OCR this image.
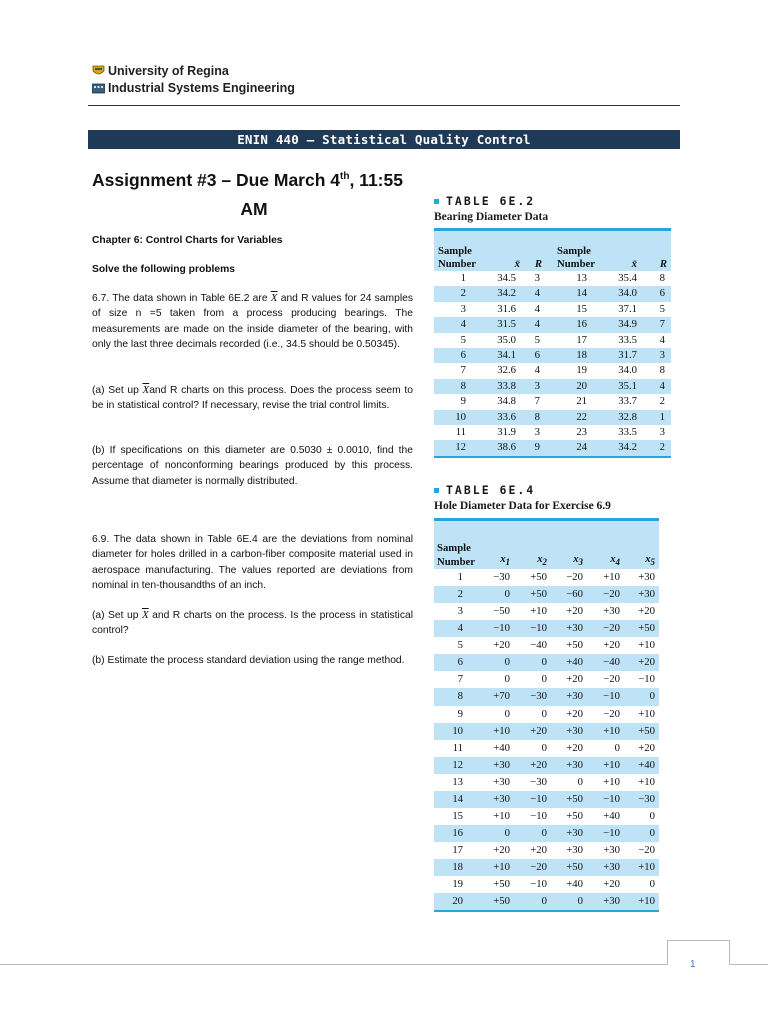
University of Regina
Industrial Systems Engineering
ENIN 440 – Statistical Quality Control
Assignment #3 – Due March 4th, 11:55
AM
Chapter 6: Control Charts for Variables
Solve the following problems
6.7. The data shown in Table 6E.2 are $\overline{X}$ and R values for 24 samples of size n =5 taken from a process producing bearings. The measurements are made on the inside diameter of the bearing, with only the last three decimals recorded (i.e., 34.5 should be 0.50345).
(a) Set up $\overline{X}and$ R charts on this process. Does the process seem to be in statistical control? If necessary, revise the trial control limits.
(b) If specifications on this diameter are 0.5030 ± 0.0010, find the percentage of nonconforming bearings produced by this process. Assume that diameter is normally distributed.
6.9. The data shown in Table 6E.4 are the deviations from nominal diameter for holes drilled in a carbon-fiber composite material used in aerospace manufacturing. The values reported are deviations from nominal in ten-thousandths of an inch.
(a) Set up $\overline{X}$ and R charts on the process. Is the process in statistical control?
(b) Estimate the process standard deviation using the range method.
TABLE 6E.2
Bearing Diameter Data
Sample Number	x̄	R	Sample Number	x̄	R
1	34.5	3	13	35.4	8
2	34.2	4	14	34.0	6
3	31.6	4	15	37.1	5
4	31.5	4	16	34.9	7
5	35.0	5	17	33.5	4
6	34.1	6	18	31.7	3
7	32.6	4	19	34.0	8
8	33.8	3	20	35.1	4
9	34.8	7	21	33.7	2
10	33.6	8	22	32.8	1
11	31.9	3	23	33.5	3
12	38.6	9	24	34.2	2
TABLE 6E.4
Hole Diameter Data for Exercise 6.9
Sample Number	$x_1$	$x_2$	$x_3$	$x_4$	$x_5$
1	−30	+50	−20	+10	+30
2	0	+50	−60	−20	+30
3	−50	+10	+20	+30	+20
4	−10	−10	+30	−20	+50
5	+20	−40	+50	+20	+10
6	0	0	+40	−40	+20
7	0	0	+20	−20	−10
8	+70	−30	+30	−10	0
9	0	0	+20	−20	+10
10	+10	+20	+30	+10	+50
11	+40	0	+20	0	+20
12	+30	+20	+30	+10	+40
13	+30	−30	0	+10	+10
14	+30	−10	+50	−10	−30
15	+10	−10	+50	+40	0
16	0	0	+30	−10	0
17	+20	+20	+30	+30	−20
18	+10	−20	+50	+30	+10
19	+50	−10	+40	+20	0
20	+50	0	0	+30	+10
1
